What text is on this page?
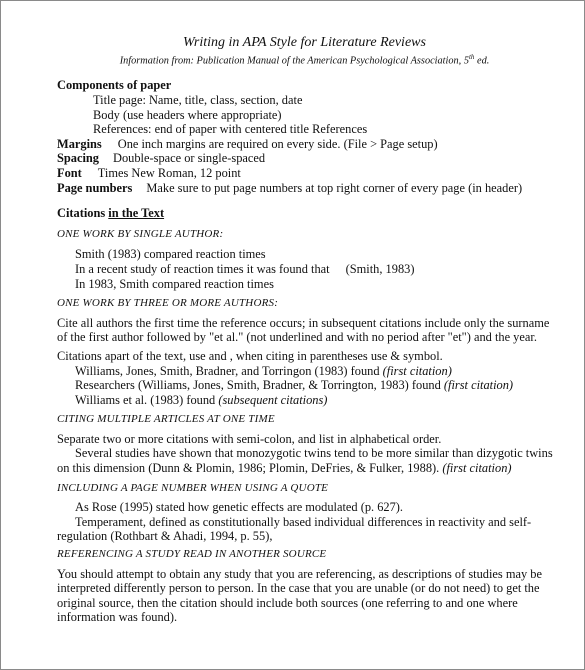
Writing in APA Style for Literature Reviews
Information from: Publication Manual of the American Psychological Association, 5th ed.
Components of paper
Title page: Name, title, class, section, date
Body (use headers where appropriate)
References: end of paper with centered title References
Margins One inch margins are required on every side. (File > Page setup)
Spacing Double-space or single-spaced
Font Times New Roman, 12 point
Page numbers Make sure to put page numbers at top right corner of every page (in header)
Citations in the Text
ONE WORK BY SINGLE AUTHOR:
Smith (1983) compared reaction times
In a recent study of reaction times it was found that (Smith, 1983)
In 1983, Smith compared reaction times
ONE WORK BY THREE OR MORE AUTHORS:
Cite all authors the first time the reference occurs; in subsequent citations include only the surname of the first author followed by "et al." (not underlined and with no period after "et") and the year.
Citations apart of the text, use and , when citing in parentheses use & symbol.
Williams, Jones, Smith, Bradner, and Torringon (1983) found (first citation)
Researchers (Williams, Jones, Smith, Bradner, & Torrington, 1983) found (first citation)
Williams et al. (1983) found (subsequent citations)
CITING MULTIPLE ARTICLES AT ONE TIME
Separate two or more citations with semi-colon, and list in alphabetical order.
Several studies have shown that monozygotic twins tend to be more similar than dizygotic twins on this dimension (Dunn & Plomin, 1986; Plomin, DeFries, & Fulker, 1988). (first citation)
INCLUDING A PAGE NUMBER WHEN USING A QUOTE
As Rose (1995) stated how genetic effects are modulated (p. 627).
Temperament, defined as constitutionally based individual differences in reactivity and self-regulation (Rothbart & Ahadi, 1994, p. 55),
REFERENCING A STUDY READ IN ANOTHER SOURCE
You should attempt to obtain any study that you are referencing, as descriptions of studies may be interpreted differently person to person. In the case that you are unable (or do not need) to get the original source, then the citation should include both sources (one referring to and one where information was found).
